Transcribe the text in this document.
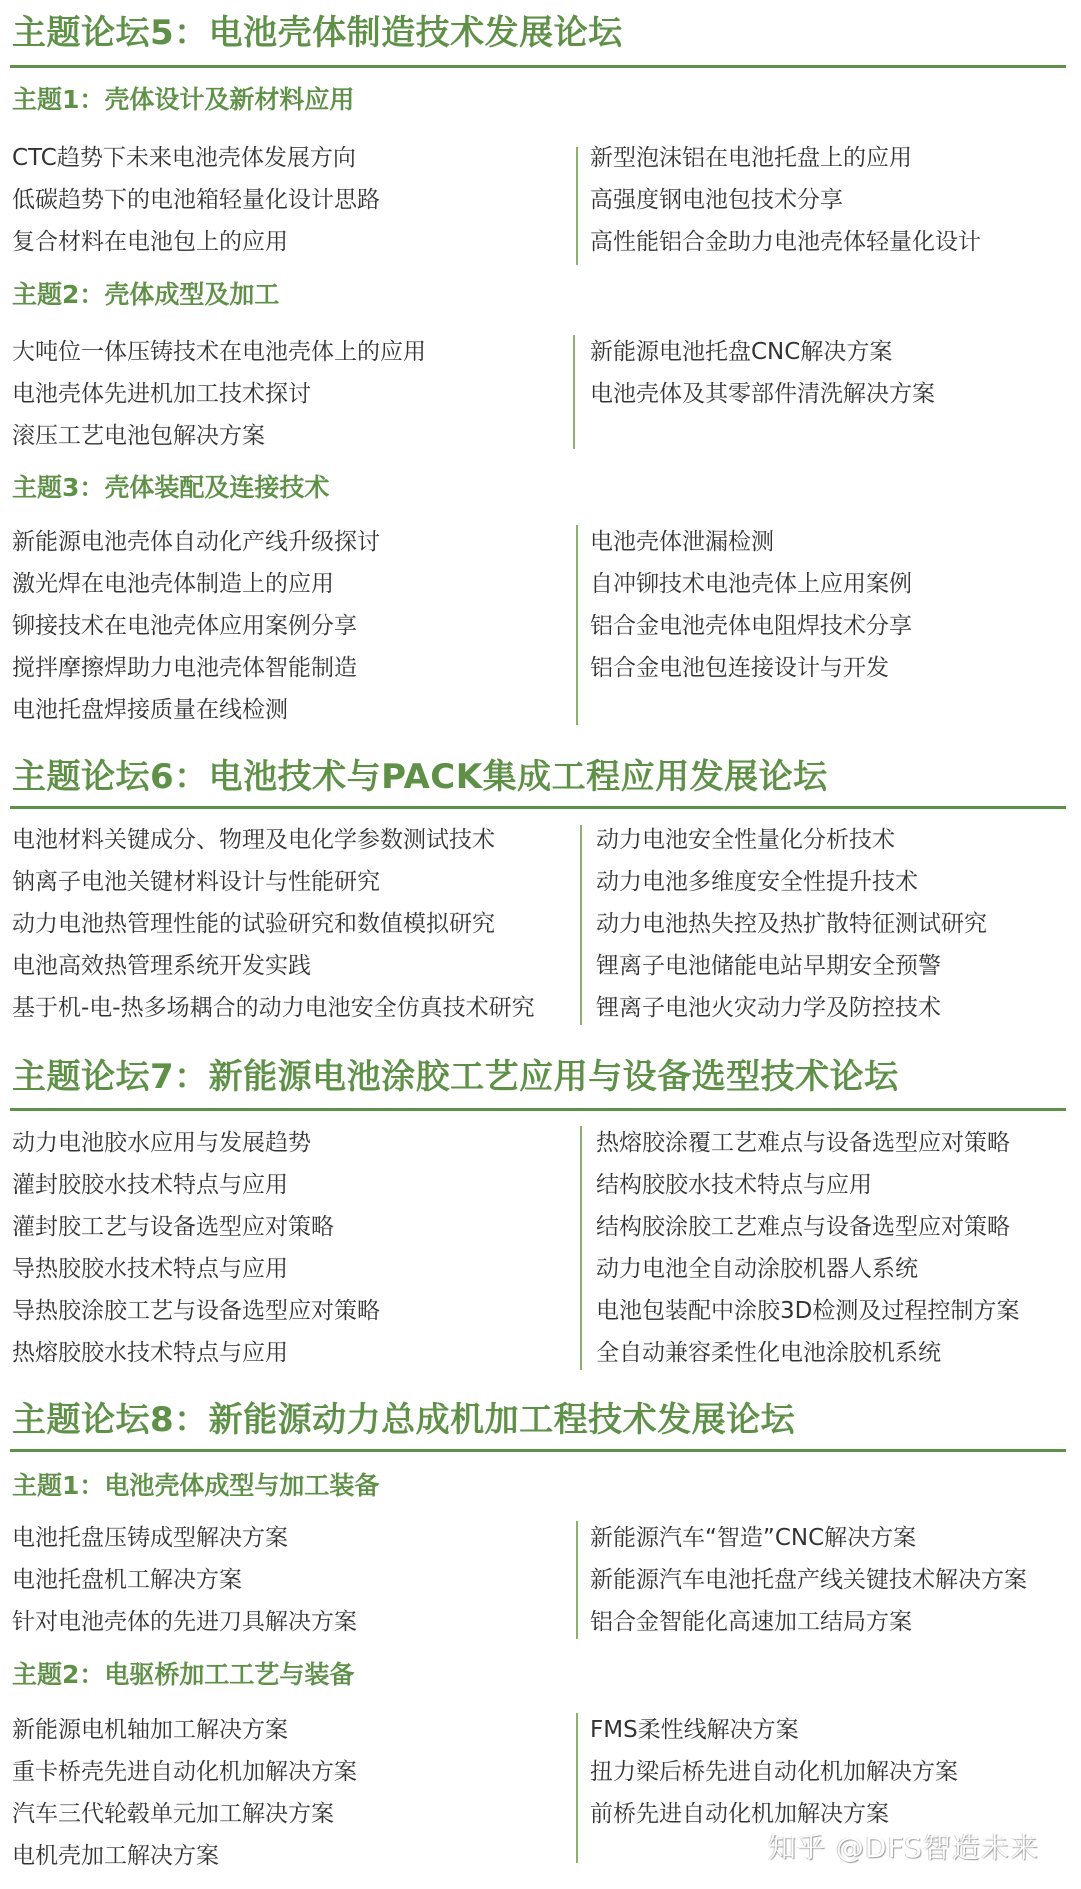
主题论坛5：电池壳体制造技术发展论坛
主题1：壳体设计及新材料应用
CTC趋势下未来电池壳体发展方向
低碳趋势下的电池箱轻量化设计思路
复合材料在电池包上的应用
新型泡沫铝在电池托盘上的应用
高强度钢电池包技术分享
高性能铝合金助力电池壳体轻量化设计
主题2：壳体成型及加工
大吨位一体压铸技术在电池壳体上的应用
电池壳体先进机加工技术探讨
滚压工艺电池包解决方案
新能源电池托盘CNC解决方案
电池壳体及其零部件清洗解决方案
主题3：壳体装配及连接技术
新能源电池壳体自动化产线升级探讨
激光焊在电池壳体制造上的应用
铆接技术在电池壳体应用案例分享
搅拌摩擦焊助力电池壳体智能制造
电池托盘焊接质量在线检测
电池壳体泄漏检测
自冲铆技术电池壳体上应用案例
铝合金电池壳体电阻焊技术分享
铝合金电池包连接设计与开发
主题论坛6：电池技术与PACK集成工程应用发展论坛
电池材料关键成分、物理及电化学参数测试技术
钠离子电池关键材料设计与性能研究
动力电池热管理性能的试验研究和数值模拟研究
电池高效热管理系统开发实践
基于机-电-热多场耦合的动力电池安全仿真技术研究
动力电池安全性量化分析技术
动力电池多维度安全性提升技术
动力电池热失控及热扩散特征测试研究
锂离子电池储能电站早期安全预警
锂离子电池火灾动力学及防控技术
主题论坛7：新能源电池涂胶工艺应用与设备选型技术论坛
动力电池胶水应用与发展趋势
灌封胶胶水技术特点与应用
灌封胶工艺与设备选型应对策略
导热胶胶水技术特点与应用
导热胶涂胶工艺与设备选型应对策略
热熔胶胶水技术特点与应用
热熔胶涂覆工艺难点与设备选型应对策略
结构胶胶水技术特点与应用
结构胶涂胶工艺难点与设备选型应对策略
动力电池全自动涂胶机器人系统
电池包装配中涂胶3D检测及过程控制方案
全自动兼容柔性化电池涂胶机系统
主题论坛8：新能源动力总成机加工程技术发展论坛
主题1：电池壳体成型与加工装备
电池托盘压铸成型解决方案
电池托盘机工解决方案
针对电池壳体的先进刀具解决方案
新能源汽车“智造”CNC解决方案
新能源汽车电池托盘产线关键技术解决方案
铝合金智能化高速加工结局方案
主题2：电驱桥加工工艺与装备
新能源电机轴加工解决方案
重卡桥壳先进自动化机加解决方案
汽车三代轮毂单元加工解决方案
电机壳加工解决方案
FMS柔性线解决方案
扭力梁后桥先进自动化机加解决方案
前桥先进自动化机加解决方案
知乎 @DFS智造未来
